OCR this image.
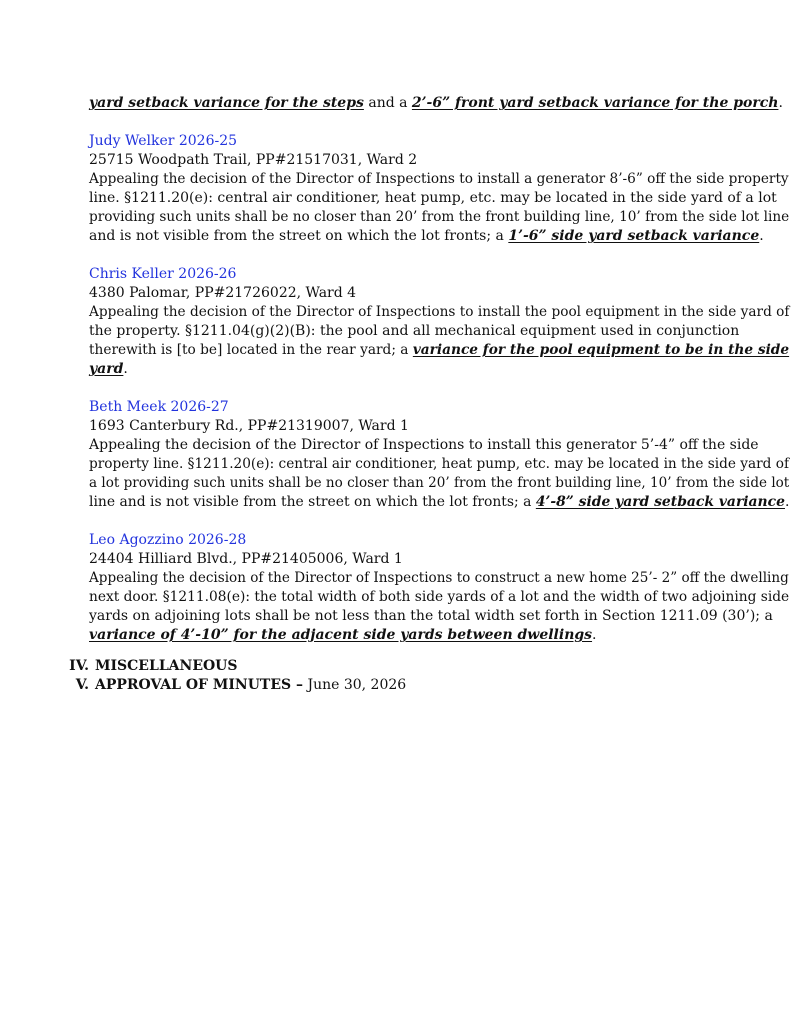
yard setback variance for the steps and a 2’-6” front yard setback variance for the porch.
Judy Welker 2026-25
25715 Woodpath Trail, PP#21517031, Ward 2
Appealing the decision of the Director of Inspections to install a generator 8’-6” off the side property
line. §1211.20(e): central air conditioner, heat pump, etc. may be located in the side yard of a lot
providing such units shall be no closer than 20’ from the front building line, 10’ from the side lot line
and is not visible from the street on which the lot fronts; a 1’-6” side yard setback variance.
Chris Keller 2026-26
4380 Palomar, PP#21726022, Ward 4
Appealing the decision of the Director of Inspections to install the pool equipment in the side yard of
the property. §1211.04(g)(2)(B): the pool and all mechanical equipment used in conjunction
therewith is [to be] located in the rear yard; a variance for the pool equipment to be in the side
yard.
Beth Meek 2026-27
1693 Canterbury Rd., PP#21319007, Ward 1
Appealing the decision of the Director of Inspections to install this generator 5’-4” off the side
property line. §1211.20(e): central air conditioner, heat pump, etc. may be located in the side yard of
a lot providing such units shall be no closer than 20’ from the front building line, 10’ from the side lot
line and is not visible from the street on which the lot fronts; a 4’-8” side yard setback variance.
Leo Agozzino 2026-28
24404 Hilliard Blvd., PP#21405006, Ward 1
Appealing the decision of the Director of Inspections to construct a new home 25’- 2” off the dwelling
next door. §1211.08(e): the total width of both side yards of a lot and the width of two adjoining side
yards on adjoining lots shall be not less than the total width set forth in Section 1211.09 (30’); a
variance of 4’-10” for the adjacent side yards between dwellings.
IV. MISCELLANEOUS
V. APPROVAL OF MINUTES – June 30, 2026
